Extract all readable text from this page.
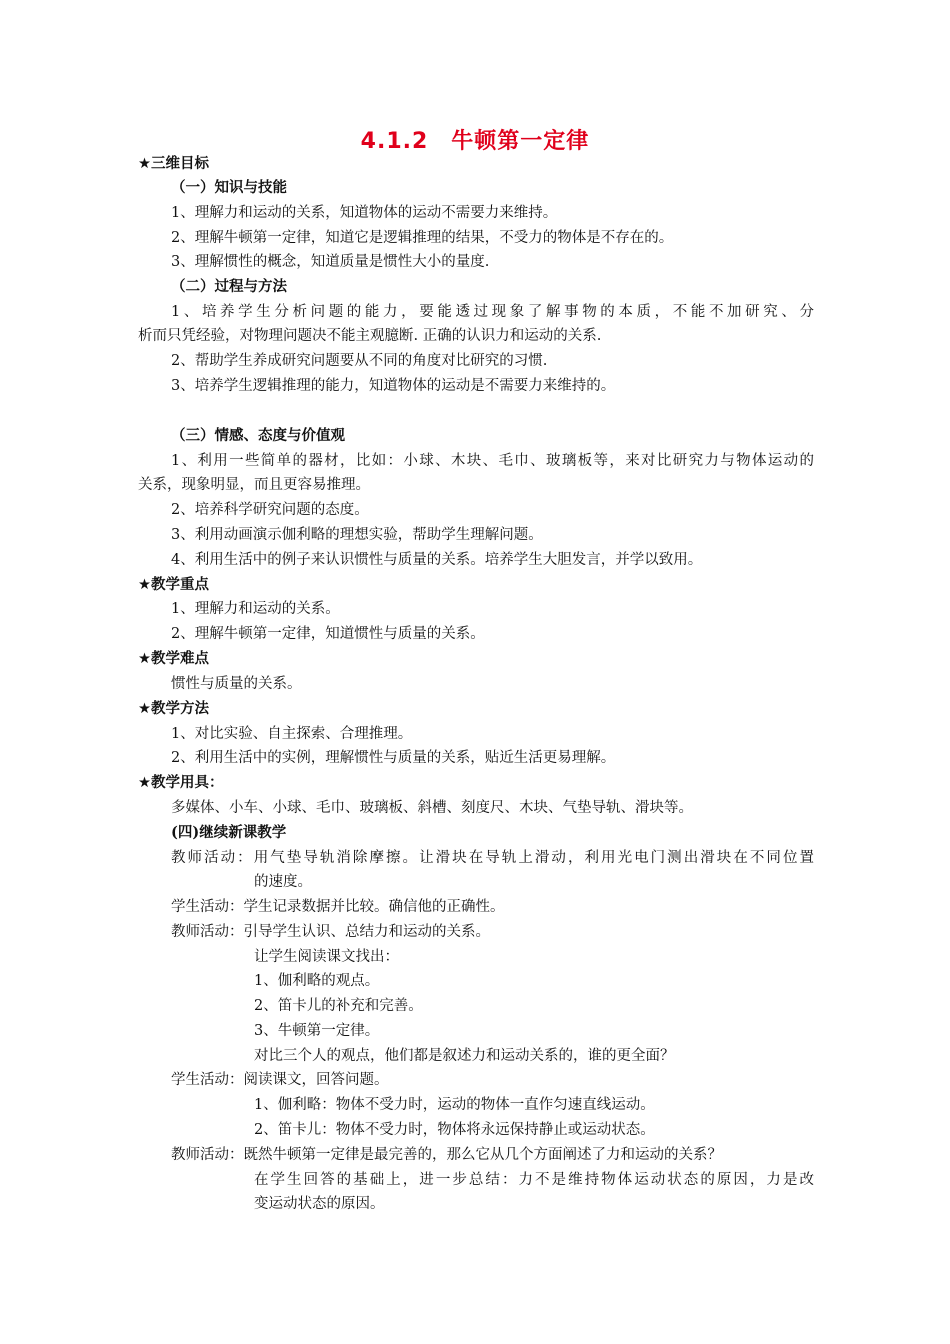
4.1.2　牛顿第一定律
★三维目标
（一）知识与技能
1、理解力和运动的关系，知道物体的运动不需要力来维持。
2、理解牛顿第一定律，知道它是逻辑推理的结果，不受力的物体是不存在的。
3、理解惯性的概念，知道质量是惯性大小的量度.
（二）过程与方法
1、培养学生分析问题的能力，要能透过现象了解事物的本质，不能不加研究、分
析而只凭经验，对物理问题决不能主观臆断. 正确的认识力和运动的关系.
2、帮助学生养成研究问题要从不同的角度对比研究的习惯.
3、培养学生逻辑推理的能力，知道物体的运动是不需要力来维持的。
（三）情感、态度与价值观
1、利用一些简单的器材，比如：小球、木块、毛巾、玻璃板等，来对比研究力与物体运动的
关系，现象明显，而且更容易推理。
2、培养科学研究问题的态度。
3、利用动画演示伽利略的理想实验，帮助学生理解问题。
4、利用生活中的例子来认识惯性与质量的关系。培养学生大胆发言，并学以致用。
★教学重点
1、理解力和运动的关系。
2、理解牛顿第一定律，知道惯性与质量的关系。
★教学难点
惯性与质量的关系。
★教学方法
1、对比实验、自主探索、合理推理。
2、利用生活中的实例，理解惯性与质量的关系，贴近生活更易理解。
★教学用具：
多媒体、小车、小球、毛巾、玻璃板、斜槽、刻度尺、木块、气垫导轨、滑块等。
(四)继续新课教学
教师活动：用气垫导轨消除摩擦。让滑块在导轨上滑动，利用光电门测出滑块在不同位置
的速度。
学生活动：学生记录数据并比较。确信他的正确性。
教师活动：引导学生认识、总结力和运动的关系。
让学生阅读课文找出：
1、伽利略的观点。
2、笛卡儿的补充和完善。
3、牛顿第一定律。
对比三个人的观点，他们都是叙述力和运动关系的，谁的更全面？
学生活动：阅读课文，回答问题。
1、伽利略：物体不受力时，运动的物体一直作匀速直线运动。
2、笛卡儿：物体不受力时，物体将永远保持静止或运动状态。
教师活动：既然牛顿第一定律是最完善的，那么它从几个方面阐述了力和运动的关系？
在学生回答的基础上，进一步总结：力不是维持物体运动状态的原因，力是改
变运动状态的原因。
